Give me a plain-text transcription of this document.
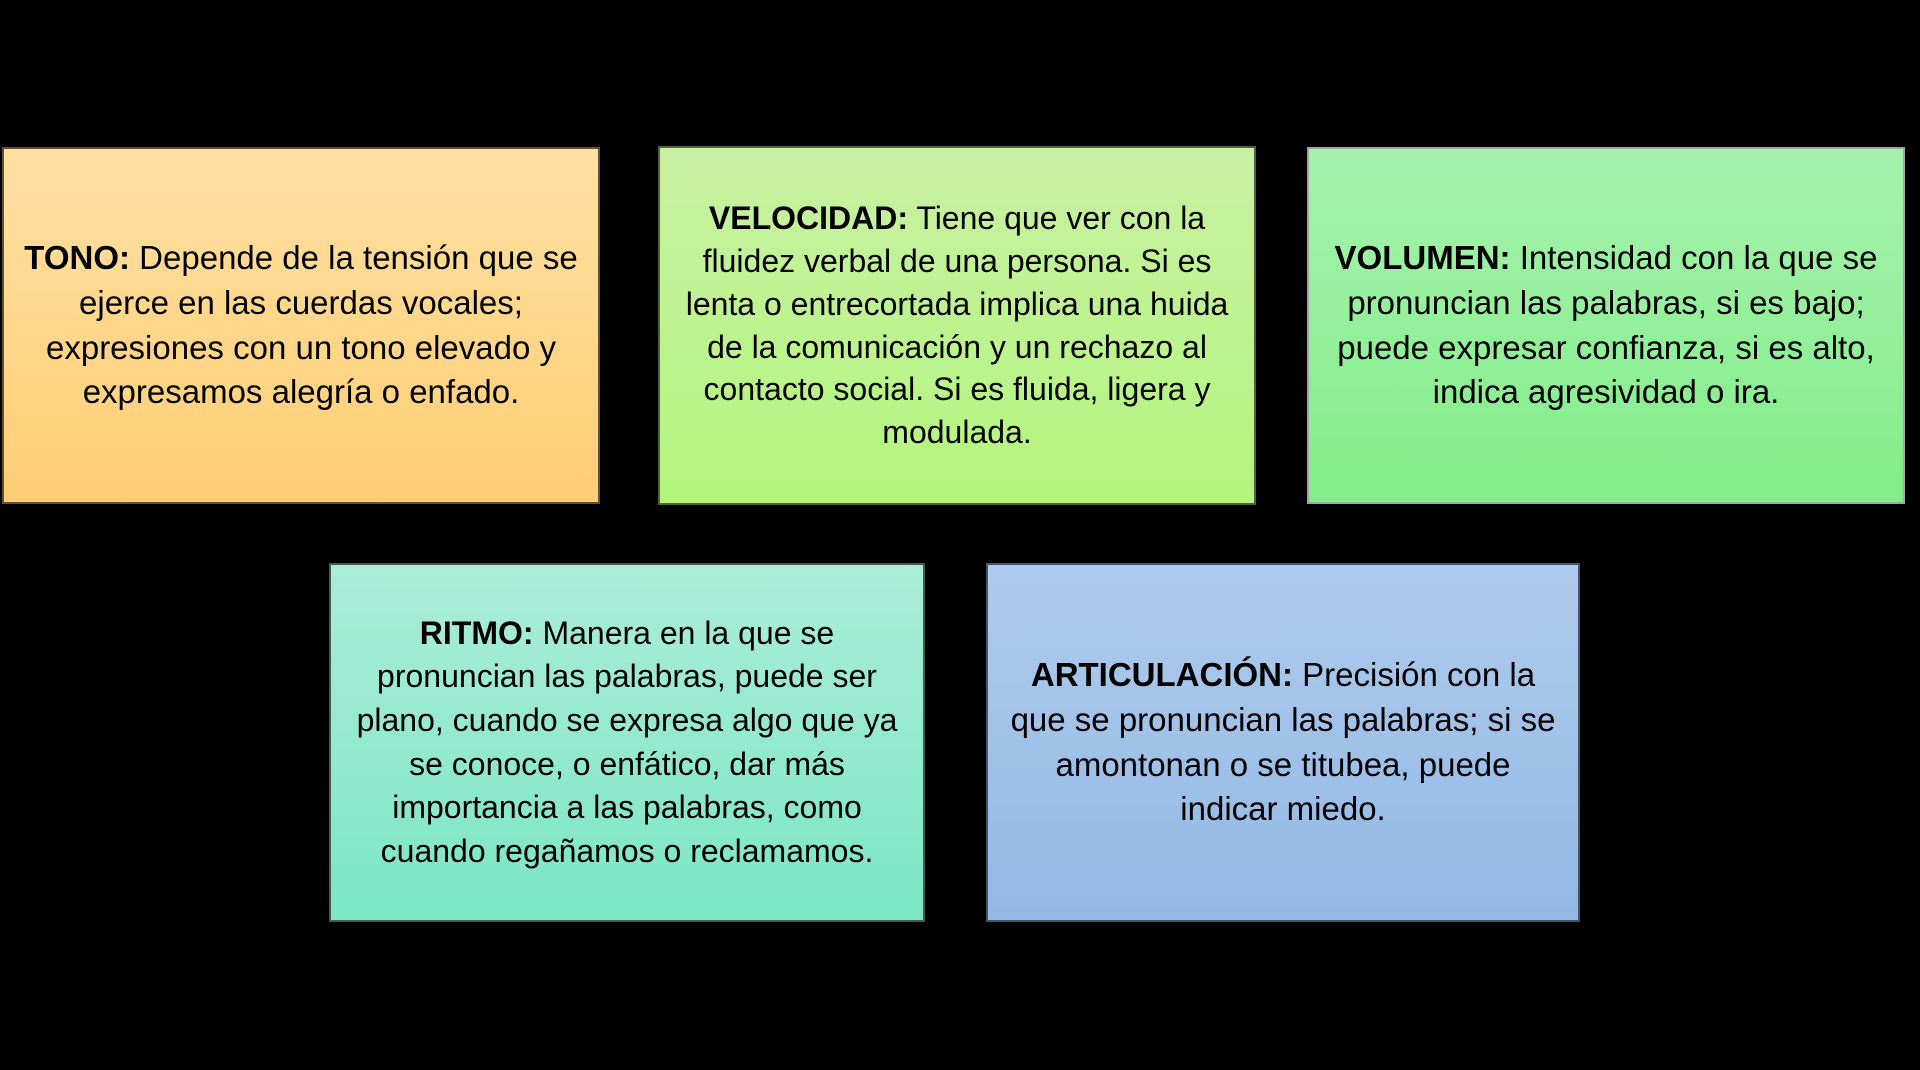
TONO: Depende de la tensión que se ejerce en las cuerdas vocales; expresiones con un tono elevado y expresamos alegría o enfado.

VELOCIDAD: Tiene que ver con la fluidez verbal de una persona. Si es lenta o entrecortada implica una huida de la comunicación y un rechazo al contacto social. Si es fluida, ligera y modulada.

VOLUMEN: Intensidad con la que se pronuncian las palabras, si es bajo; puede expresar confianza, si es alto, indica agresividad o ira.

RITMO: Manera en la que se pronuncian las palabras, puede ser plano, cuando se expresa algo que ya se conoce, o enfático, dar más importancia a las palabras, como cuando regañamos o reclamamos.

ARTICULACIÓN: Precisión con la que se pronuncian las palabras; si se amontonan o se titubea, puede indicar miedo.
